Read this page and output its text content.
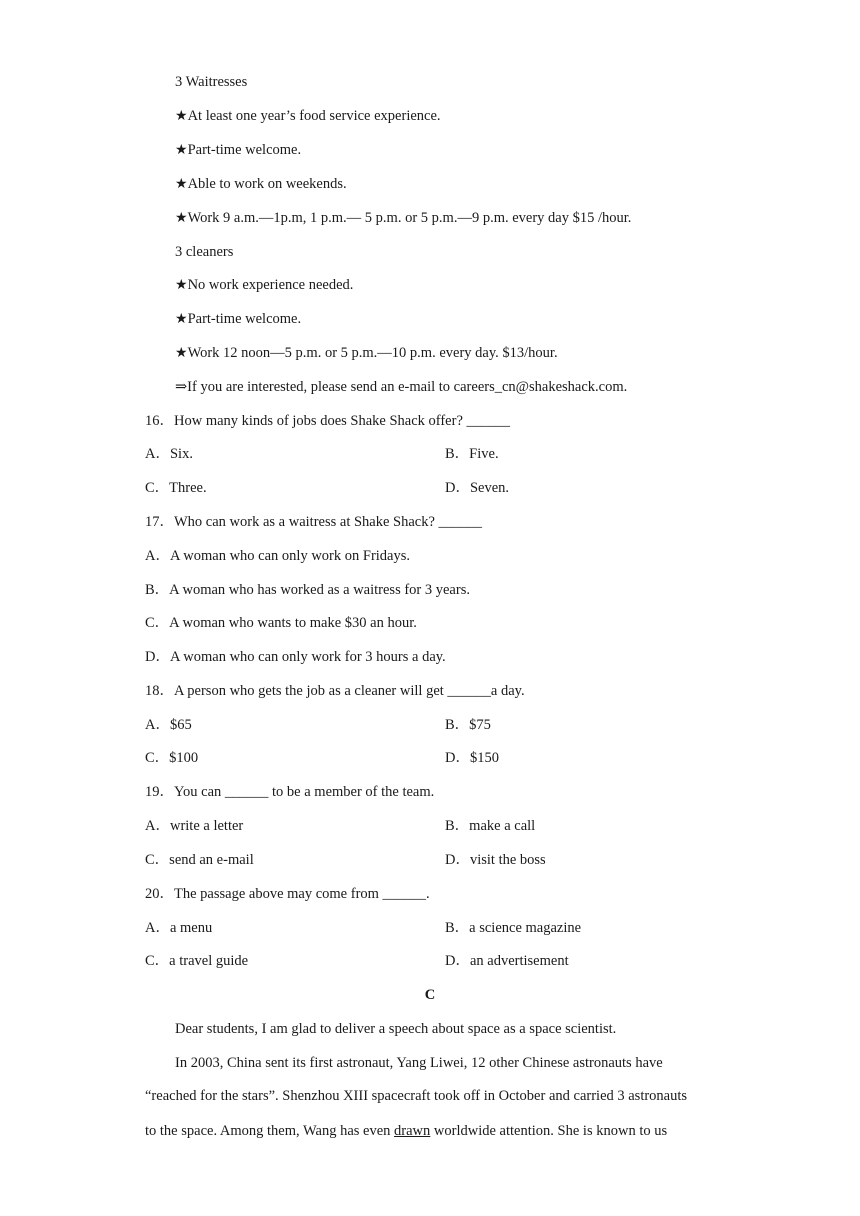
3 Waitresses
★At least one year’s food service experience.
★Part-time welcome.
★Able to work on weekends.
★Work 9 a.m.—1p.m, 1 p.m.— 5 p.m. or 5 p.m.—9 p.m. every day $15 /hour.
3 cleaners
★No work experience needed.
★Part-time welcome.
★Work 12 noon—5 p.m. or 5 p.m.—10 p.m. every day. $13/hour.
⇒If you are interested, please send an e-mail to careers_cn@shakeshack.com.
16．How many kinds of jobs does Shake Shack offer? ______
A．Six.	B．Five.
C．Three.	D．Seven.
17．Who can work as a waitress at Shake Shack? ______
A．A woman who can only work on Fridays.
B．A woman who has worked as a waitress for 3 years.
C．A woman who wants to make $30 an hour.
D．A woman who can only work for 3 hours a day.
18．A person who gets the job as a cleaner will get ______a day.
A．$65	B．$75
C．$100	D．$150
19．You can ______ to be a member of the team.
A．write a letter	B．make a call
C．send an e-mail	D．visit the boss
20．The passage above may come from ______.
A．a menu	B．a science magazine
C．a travel guide	D．an advertisement
C
Dear students, I am glad to deliver a speech about space as a space scientist.
In 2003, China sent its first astronaut, Yang Liwei, 12 other Chinese astronauts have
“reached for the stars”. Shenzhou XIII spacecraft took off in October and carried 3 astronauts
to the space. Among them, Wang has even drawn worldwide attention. She is known to us
